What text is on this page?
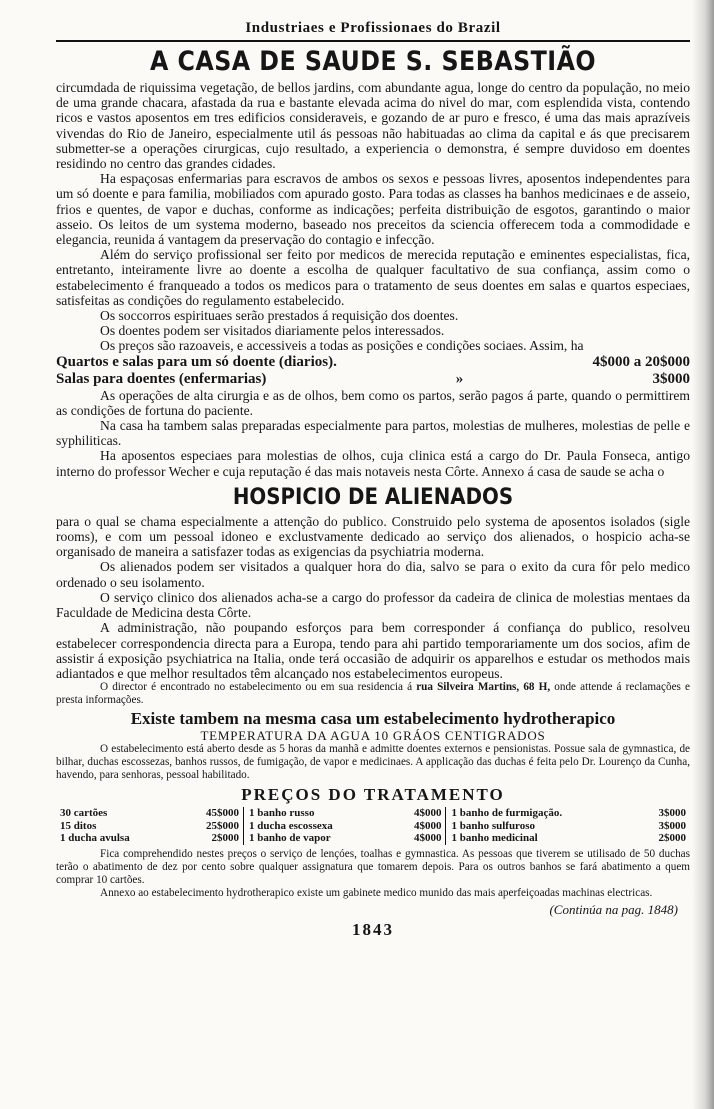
Industriaes e Profissionaes do Brazil
A CASA DE SAUDE S. SEBASTIÃO

circumdada de riquissima vegetação, de bellos jardins, com abundante agua, longe do centro da população, no meio de uma grande chacara, afastada da rua e bastante elevada acima do nivel do mar, com esplendida vista, contendo ricos e vastos aposentos em tres edificios consideraveis, e gozando de ar puro e fresco, é uma das mais aprazíveis vivendas do Rio de Janeiro, especialmente util ás pessoas não habituadas ao clima da capital e ás que precisarem submetter-se a operações cirurgicas, cujo resultado, a experiencia o demonstra, é sempre duvidoso em doentes residindo no centro das grandes cidades.

Ha espaçosas enfermarias para escravos de ambos os sexos e pessoas livres, aposentos independentes para um só doente e para familia, mobiliados com apurado gosto. Para todas as classes ha banhos medicinaes e de asseio, frios e quentes, de vapor e duchas, conforme as indicações; perfeita distribuição de esgotos, garantindo o maior asseio. Os leitos de um systema moderno, baseado nos preceitos da sciencia offerecem toda a commodidade e elegancia, reunida á vantagem da preservação do contagio e infecção.

Além do serviço profissional ser feito por medicos de merecida reputação e eminentes especialistas, fica, entretanto, inteiramente livre ao doente a escolha de qualquer facultativo de sua confiança, assim como o estabelecimento é franqueado a todos os medicos para o tratamento de seus doentes em salas e quartos especiaes, satisfeitas as condições do regulamento estabelecido.

Os soccorros espirituaes serão prestados á requisição dos doentes.

Os doentes podem ser visitados diariamente pelos interessados.

Os preços são razoaveis, e accessiveis a todas as posições e condições sociaes. Assim, ha

Quartos e salas para um só doente (diarios).	4$000 a 20$000
Salas para doentes (enfermarias)	»	3$000

As operações de alta cirurgia e as de olhos, bem como os partos, serão pagos á parte, quando o permittirem as condições de fortuna do paciente.

Na casa ha tambem salas preparadas especialmente para partos, molestias de mulheres, molestias de pelle e syphiliticas.

Ha aposentos especiaes para molestias de olhos, cuja clinica está a cargo do Dr. Paula Fonseca, antigo interno do professor Wecher e cuja reputação é das mais notaveis nesta Côrte. Annexo á casa de saude se acha o

HOSPICIO DE ALIENADOS

para o qual se chama especialmente a attenção do publico. Construido pelo systema de aposentos isolados (sigle rooms), e com um pessoal idoneo e exclustvamente dedicado ao serviço dos alienados, o hospicio acha-se organisado de maneira a satisfazer todas as exigencias da psychiatria moderna.

Os alienados podem ser visitados a qualquer hora do dia, salvo se para o exito da cura fôr pelo medico ordenado o seu isolamento.

O serviço clinico dos alienados acha-se a cargo do professor da cadeira de clinica de molestias mentaes da Faculdade de Medicina desta Côrte.

A administração, não poupando esforços para bem corresponder á confiança do publico, resolveu estabelecer correspondencia directa para a Europa, tendo para ahi partido temporariamente um dos socios, afim de assistir á exposição psychiatrica na Italia, onde terá occasião de adquirir os apparelhos e estudar os methodos mais adiantados e que melhor resultados têm alcançado nos estabelecimentos europeus.

O director é encontrado no estabelecimento ou em sua residencia á rua Silveira Martins, 68 H, onde attende á reclamações e presta informações.

Existe tambem na mesma casa um estabelecimento hydrotherapico
TEMPERATURA DA AGUA 10 GRÁOS CENTIGRADOS

O estabelecimento está aberto desde as 5 horas da manhã e admitte doentes externos e pensionistas. Possue sala de gymnastica, de bilhar, duchas escossezas, banhos russos, de fumigação, de vapor e medicinaes. A applicação das duchas é feita pelo Dr. Lourenço da Cunha, havendo, para senhoras, pessoal habilitado.

PREÇOS DO TRATAMENTO
30 cartões	45$000		1 banho russo	4$000		1 banho de furmigação.	3$000
15 ditos	25$000		1 ducha escossexa	4$000		1 banho sulfuroso	3$000
1 ducha avulsa	2$000		1 banho de vapor	4$000		1 banho medicinal	2$000

Fica comprehendido nestes preços o serviço de lençóes, toalhas e gymnastica. As pessoas que tiverem se utilisado de 50 duchas terão o abatimento de dez por cento sobre qualquer assignatura que tomarem depois. Para os outros banhos se fará abatimento a quem comprar 10 cartões.

Annexo ao estabelecimento hydrotherapico existe um gabinete medico munido das mais aperfeiçoadas machinas electricas.

(Continúa na pag. 1848)
1843
